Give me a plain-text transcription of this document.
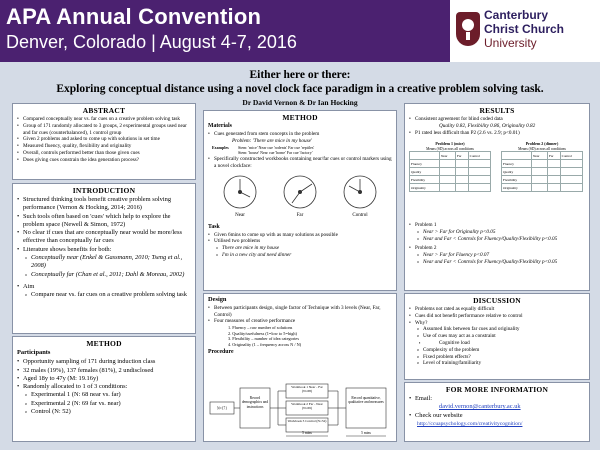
APA Annual Convention
Denver, Colorado | August 4-7, 2016
Canterbury
Christ Church
University
Either here or there:
Exploring conceptual distance using a novel clock face paradigm in a creative problem solving task.
Dr David Vernon & Dr Ian Hocking
ABSTRACT
• Compared conceptually near vs. far cues on a creative problem solving task
• Group of 171 randomly allocated to 3 groups, 2 experimental groups used near and far cues (counterbalanced), 1 control group
• Given 2 problems and asked to come up with solutions in set time
• Measured fluency, quality, flexibility and originality
• Overall, controls performed better than those given cues
• Does giving cues constrain the idea generation process?
INTRODUCTION
• Structured thinking tools benefit creative problem solving performance (Vernon & Hocking, 2014; 2016)
• Such tools often based on 'cues' which help to explore the problem space (Newell & Simon, 1972)
• No clear if cues that are conceptually near would be more/less effective than conceptually far cues
• Literature shows benefits for both:
o Conceptually near (Enkel & Gassmann, 2010; Tseng et al., 2008)
o Conceptually far (Chan et al., 2011; Dahl & Moreau, 2002)
• Aim
o Compare near vs. far cues on a creative problem solving task
METHOD
Participants
• Opportunity sampling of 171 during induction class
• 32 males (19%), 137 females (81%), 2 undisclosed
• Aged 18y to 47y (M: 19.16y)
• Randomly allocated to 1 of 3 conditions:
o Experimental 1 (N: 68 near vs. far)
o Experimental 2 (N: 69 far vs. near)
o Control (N: 52)
METHOD
Materials
• Cues generated from stem concepts in the problem
Problem: 'There are mice in my house'
Examples	Stem: 'mice' Near cue 'rodents' Far cue 'reptiles'
Stem: 'house' Near cue 'home' Far cue 'factory'
• Specifically constructed workbooks containing near/far cues or control markers using a novel clockface:
Near	Far	Control
Task
• Given 6mins to come up with as many solutions as possible
• Utilised two problems
o There are mice in my house
o I'm in a new city and need dinner
Design
• Between participants design, single factor of Technique with 3 levels (Near, Far, Control)
• Four measures of creative performance
1. Fluency – raw number of solutions
2. Quality/usefulness (1=low to 5=high)
3. Flexibility – number of idea categories
4. Originality (1 – frequency across N / N)
Procedure
N=171
Record demographics and instructions
Workbook 1 Near - Far (N=68)
Workbook 2 Far - Near (N=69)
Workbook 3 Control (N=52)
Record quantitative, qualitative and measures
5 mins	5 mins
RESULTS
• Consistent agreement for blind coded data
Quality 0.82, Flexibility 0.86, Originality 0.82
• P1 rated less difficult than P2 (2.6 vs. 2.9; p<0.01)
Problem 1 (mice)
Means (SD) across all conditions
	Near	Far	Control
Fluency			
Quality			
Flexibility			
Originality			
Problem 2 (dinner)
Means (SD) across all conditions
	Near	Far	Control
Fluency			
Quality			
Flexibility			
Originality			
• Problem 1
o Near > Far for Originality p<0.05
o Near and Far < Controls for Fluency/Quality/Flexibility p<0.05
• Problem 2
o Near > Far for Fluency p<0.07
o Near and Far < Controls for Fluency/Quality/Flexibility p<0.05
DISCUSSION
• Problems not rated as equally difficult
• Cues did not benefit performance relative to control
• Why?
o Assumed link between far cues and originality
o Use of cues may act as a constraint
▪ Cognitive load
o Complexity of the problem
o Fixed problem effects?
o Level of training/familiarity
FOR MORE INFORMATION
• Email:
david.vernon@canterbury.ac.uk
• Check our website
http://ccuapsychology.com/creativitycognition/
